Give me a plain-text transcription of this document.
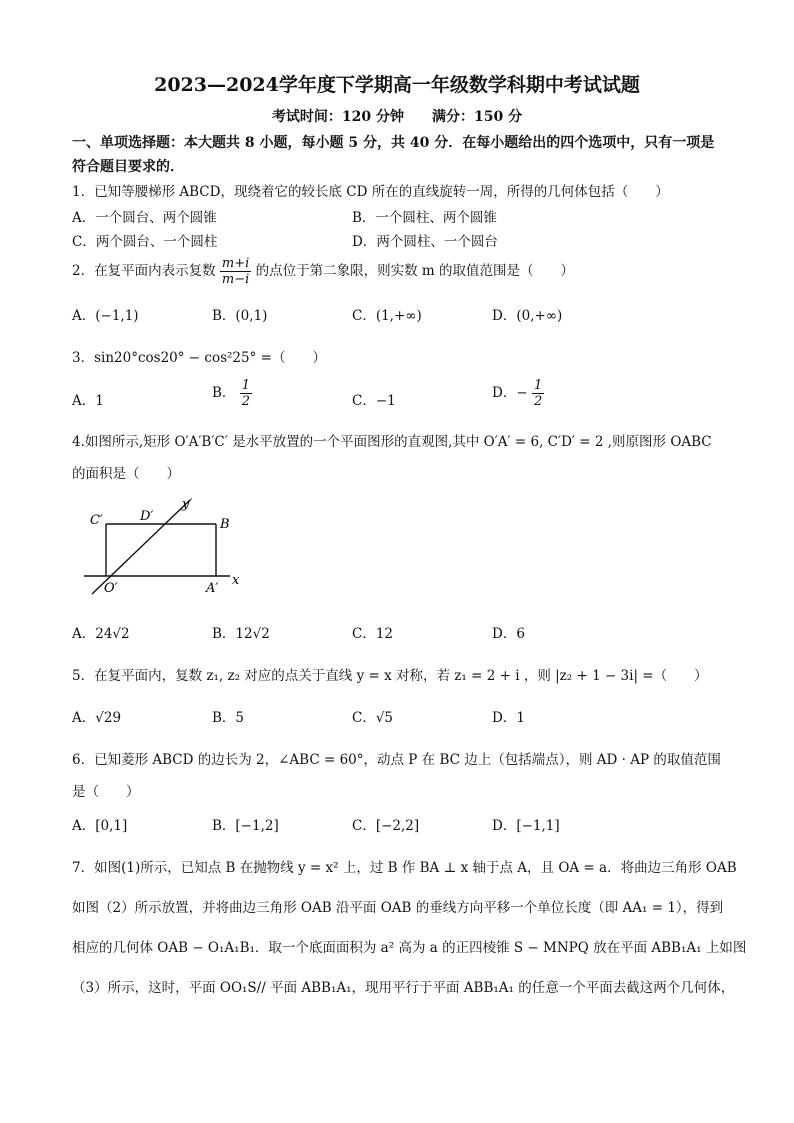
2023—2024学年度下学期高一年级数学科期中考试试题
考试时间：120 分钟　　满分：150 分
一、单项选择题：本大题共 8 小题，每小题 5 分，共 40 分．在每小题给出的四个选项中，只有一项是符合题目要求的．
1．已知等腰梯形 ABCD，现绕着它的较长底 CD 所在的直线旋转一周，所得的几何体包括（　　）
A．一个圆台、两个圆锥	B．一个圆柱、两个圆锥
C．两个圆台、一个圆柱	D．两个圆柱、一个圆台
2．在复平面内表示复数 $\frac{m+i}{m-i}$ 的点位于第二象限，则实数 m 的取值范围是（　　）
A．(−1,1)	B．(0,1)	C．(1,+∞)	D．(0,+∞)
3．sin20°cos20° − cos²25° =（　　）
A．1	B． $\frac{1}{2}$	C．−1	D．− $\frac{1}{2}$
4.如图所示,矩形 O′A′B′C′ 是水平放置的一个平面图形的直观图,其中 O′A′ = 6, C′D′ = 2 ,则原图形 OABC
的面积是（　　）
C′	D′
y′
B
O′	A′
x
A．24√2	B．12√2	C．12	D．6
5．在复平面内，复数 z₁, z₂ 对应的点关于直线 y = x 对称，若 z₁ = 2 + i ，则 |z₂ + 1 − 3i| =（　　）
A．√29	B．5	C．√5	D．1
6．已知菱形 ABCD 的边长为 2，∠ABC = 60°，动点 P 在 BC 边上（包括端点），则 AD · AP 的取值范围
是（　　）
A．[0,1]	B．[−1,2]	C．[−2,2]	D．[−1,1]
7．如图(1)所示，已知点 B 在抛物线 y = x² 上，过 B 作 BA ⊥ x 轴于点 A，且 OA = a．将曲边三角形 OAB
如图（2）所示放置，并将曲边三角形 OAB 沿平面 OAB 的垂线方向平移一个单位长度（即 AA₁ = 1），得到
相应的几何体 OAB − O₁A₁B₁．取一个底面面积为 a² 高为 a 的正四棱锥 S − MNPQ 放在平面 ABB₁A₁ 上如图
（3）所示，这时，平面 OO₁S// 平面 ABB₁A₁，现用平行于平面 ABB₁A₁ 的任意一个平面去截这两个几何体，
